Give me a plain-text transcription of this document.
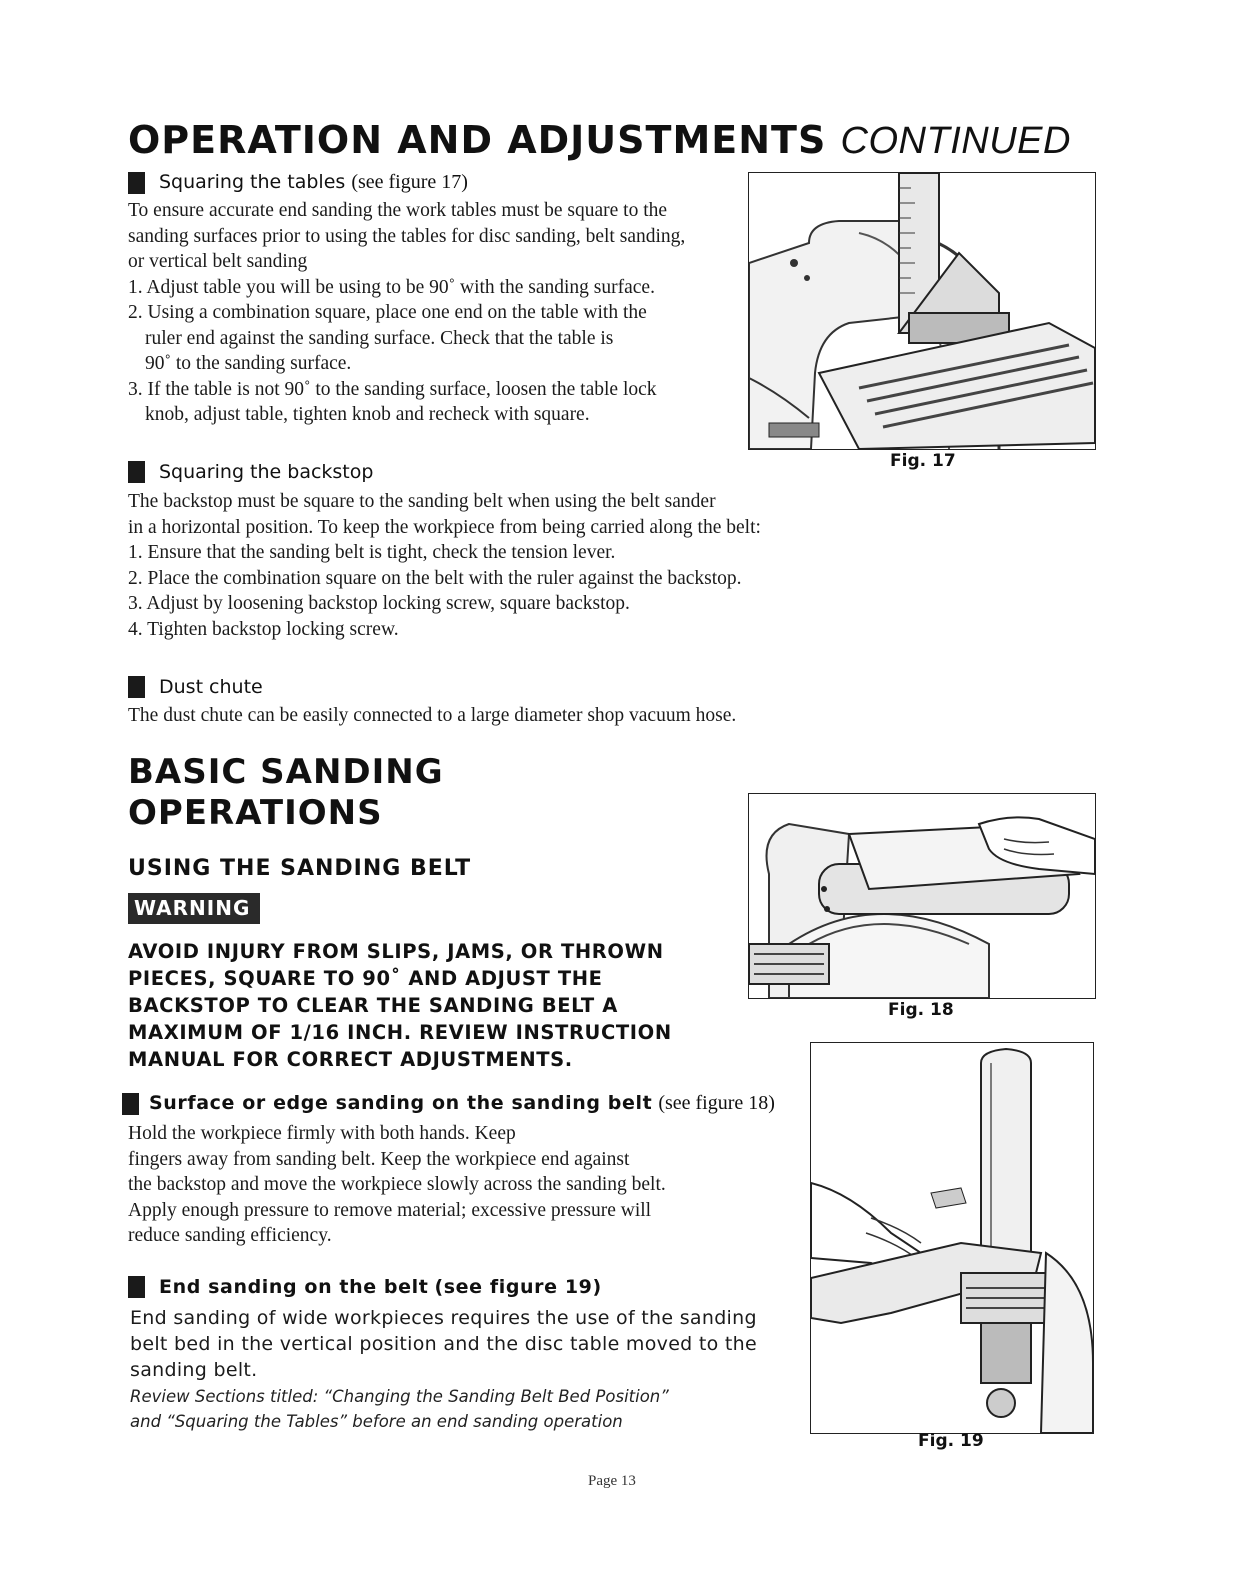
OPERATION AND ADJUSTMENTS CONTINUED
Squaring the tables (see figure 17)

To ensure accurate end sanding the work tables must be square to the

sanding surfaces prior to using the tables for disc sanding, belt sanding,

or vertical belt sanding

1. Adjust table you will be using to be 90˚ with the sanding surface.

2. Using a combination square, place one end on the table with the

ruler end against the sanding surface. Check that the table is

90˚ to the sanding surface.

3. If the table is not 90˚ to the sanding surface, loosen the table lock

knob, adjust table, tighten knob and recheck with square.

Fig. 17
Squaring the backstop

The backstop must be square to the sanding belt when using the belt sander

in a horizontal position. To keep the workpiece from being carried along the belt:

1. Ensure that the sanding belt is tight, check the tension lever.

2. Place the combination square on the belt with the ruler against the backstop.

3. Adjust by loosening backstop locking screw, square backstop.

4. Tighten backstop locking screw.

Dust chute
The dust chute can be easily connected to a large diameter shop vacuum hose.
BASIC SANDING
OPERATIONS
USING THE SANDING BELT
WARNING

AVOID INJURY FROM SLIPS, JAMS, OR THROWN

PIECES, SQUARE TO 90˚ AND ADJUST THE

BACKSTOP TO CLEAR THE SANDING BELT A

MAXIMUM OF 1/16 INCH. REVIEW INSTRUCTION

MANUAL FOR CORRECT ADJUSTMENTS.

Fig. 18
Fig. 19
Surface or edge sanding on the sanding belt (see figure 18)

Hold the workpiece firmly with both hands. Keep

fingers away from sanding belt. Keep the workpiece end against

the backstop and move the workpiece slowly across the sanding belt.

Apply enough pressure to remove material; excessive pressure will

reduce sanding efficiency.

End sanding on the belt (see figure 19)

End sanding of wide workpieces requires the use of the sanding

belt bed in the vertical position and the disc table moved to the

sanding belt.

Review Sections titled: “Changing the Sanding Belt Bed Position”

and “Squaring the Tables” before an end sanding operation

Page 13
